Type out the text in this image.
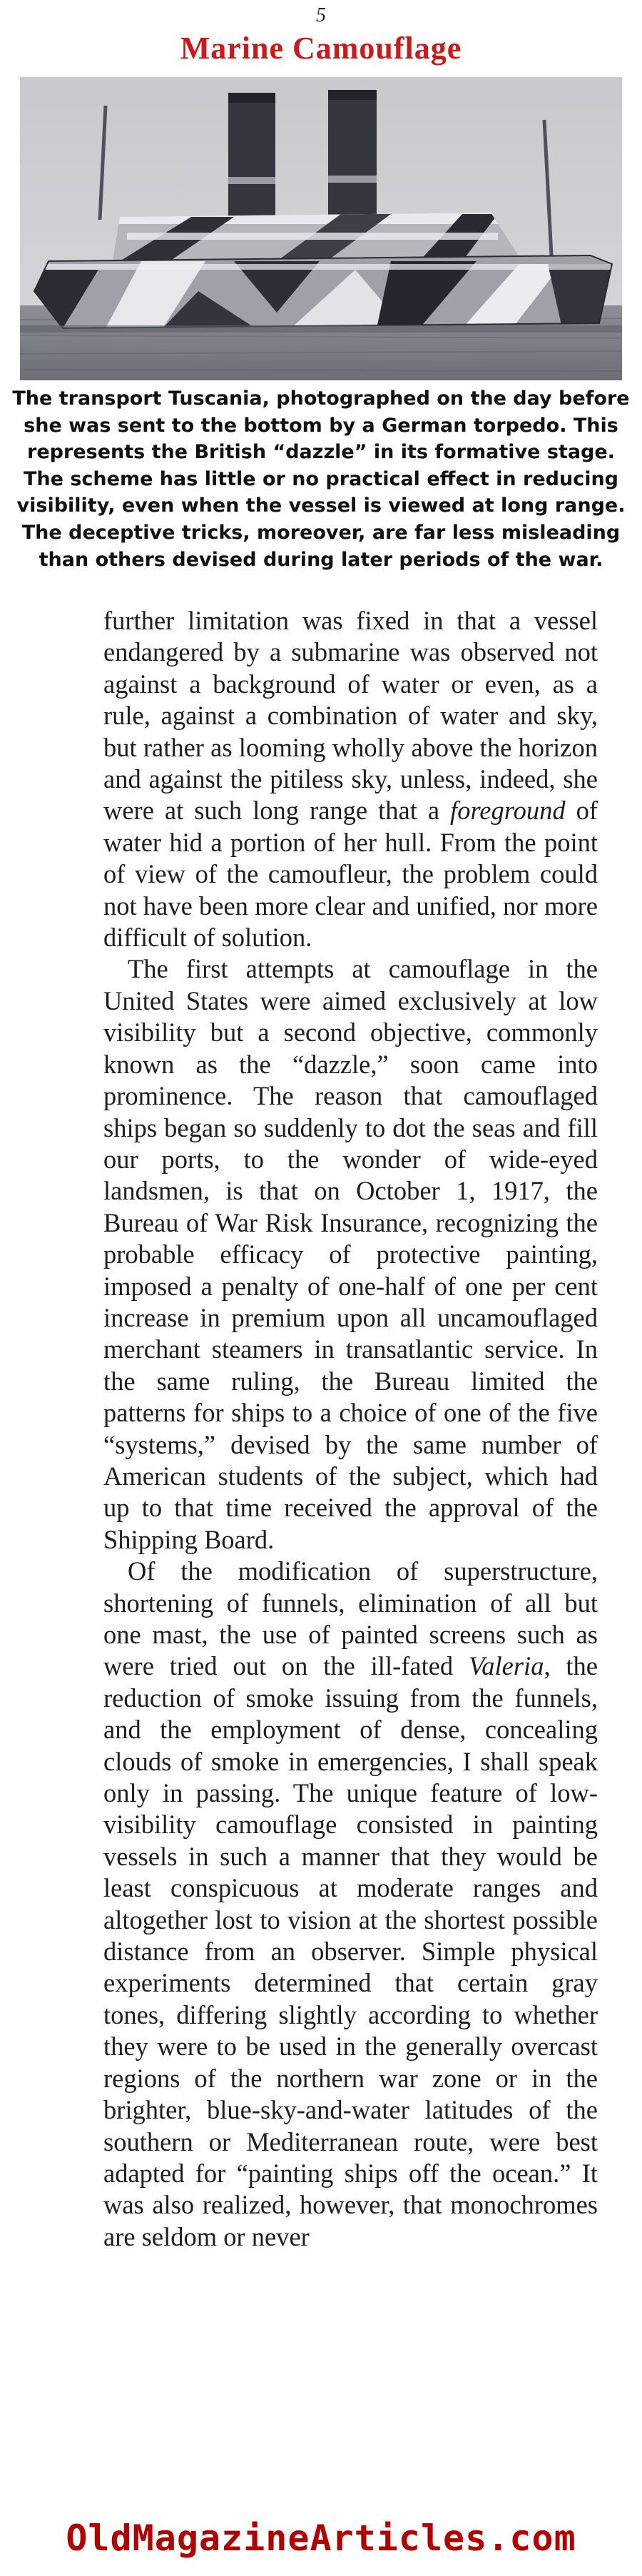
5
Marine Camouflage

The transport Tuscania, photographed on the day before she was sent to the bottom by a German torpedo. This represents the British “dazzle” in its formative stage. The scheme has little or no practical effect in reducing visibility, even when the vessel is viewed at long range. The deceptive tricks, moreover, are far less misleading than others devised during later periods of the war.

further limitation was fixed in that a vessel endangered by a submarine was observed not against a background of water or even, as a rule, against a combination of water and sky, but rather as looming wholly above the horizon and against the pitiless sky, unless, indeed, she were at such long range that a foreground of water hid a portion of her hull. From the point of view of the camoufleur, the problem could not have been more clear and unified, nor more difficult of solution.

The first attempts at camouflage in the United States were aimed exclusively at low visibility but a second objective, commonly known as the “dazzle,” soon came into prominence. The reason that camouflaged ships began so suddenly to dot the seas and fill our ports, to the wonder of wide-eyed landsmen, is that on October 1, 1917, the Bureau of War Risk Insurance, recognizing the probable efficacy of protective painting, imposed a penalty of one-half of one per cent increase in premium upon all uncamouflaged merchant steamers in transatlantic service. In the same ruling, the Bureau limited the patterns for ships to a choice of one of the five “systems,” devised by the same number of American students of the subject, which had up to that time received the approval of the Shipping Board.

Of the modification of superstructure, shortening of funnels, elimination of all but one mast, the use of painted screens such as were tried out on the ill-fated Valeria, the reduction of smoke issuing from the funnels, and the employment of dense, concealing clouds of smoke in emergencies, I shall speak only in passing. The unique feature of low-visibility camouflage consisted in painting vessels in such a manner that they would be least conspicuous at moderate ranges and altogether lost to vision at the shortest possible distance from an observer. Simple physical experiments determined that certain gray tones, differing slightly according to whether they were to be used in the generally overcast regions of the northern war zone or in the brighter, blue-sky-and-water latitudes of the southern or Mediterranean route, were best adapted for “painting ships off the ocean.” It was also realized, however, that monochromes are seldom or never

OldMagazineArticles.com
